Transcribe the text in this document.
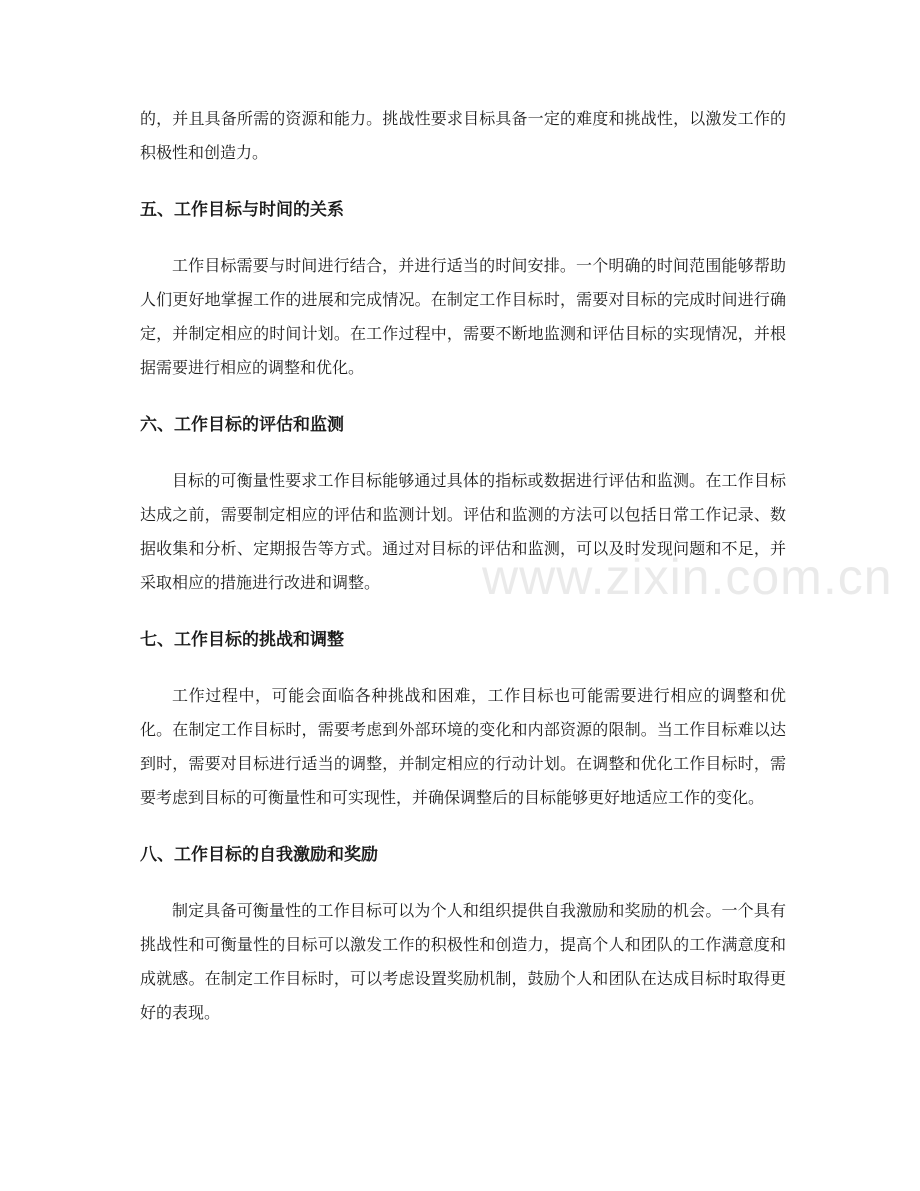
的，并且具备所需的资源和能力。挑战性要求目标具备一定的难度和挑战性，以激发工作的积极性和创造力。

五、工作目标与时间的关系

工作目标需要与时间进行结合，并进行适当的时间安排。一个明确的时间范围能够帮助人们更好地掌握工作的进展和完成情况。在制定工作目标时，需要对目标的完成时间进行确定，并制定相应的时间计划。在工作过程中，需要不断地监测和评估目标的实现情况，并根据需要进行相应的调整和优化。

六、工作目标的评估和监测

目标的可衡量性要求工作目标能够通过具体的指标或数据进行评估和监测。在工作目标达成之前，需要制定相应的评估和监测计划。评估和监测的方法可以包括日常工作记录、数据收集和分析、定期报告等方式。通过对目标的评估和监测，可以及时发现问题和不足，并采取相应的措施进行改进和调整。

七、工作目标的挑战和调整

工作过程中，可能会面临各种挑战和困难，工作目标也可能需要进行相应的调整和优化。在制定工作目标时，需要考虑到外部环境的变化和内部资源的限制。当工作目标难以达到时，需要对目标进行适当的调整，并制定相应的行动计划。在调整和优化工作目标时，需要考虑到目标的可衡量性和可实现性，并确保调整后的目标能够更好地适应工作的变化。

八、工作目标的自我激励和奖励

制定具备可衡量性的工作目标可以为个人和组织提供自我激励和奖励的机会。一个具有挑战性和可衡量性的目标可以激发工作的积极性和创造力，提高个人和团队的工作满意度和成就感。在制定工作目标时，可以考虑设置奖励机制，鼓励个人和团队在达成目标时取得更好的表现。

www.zixin.com.cn
